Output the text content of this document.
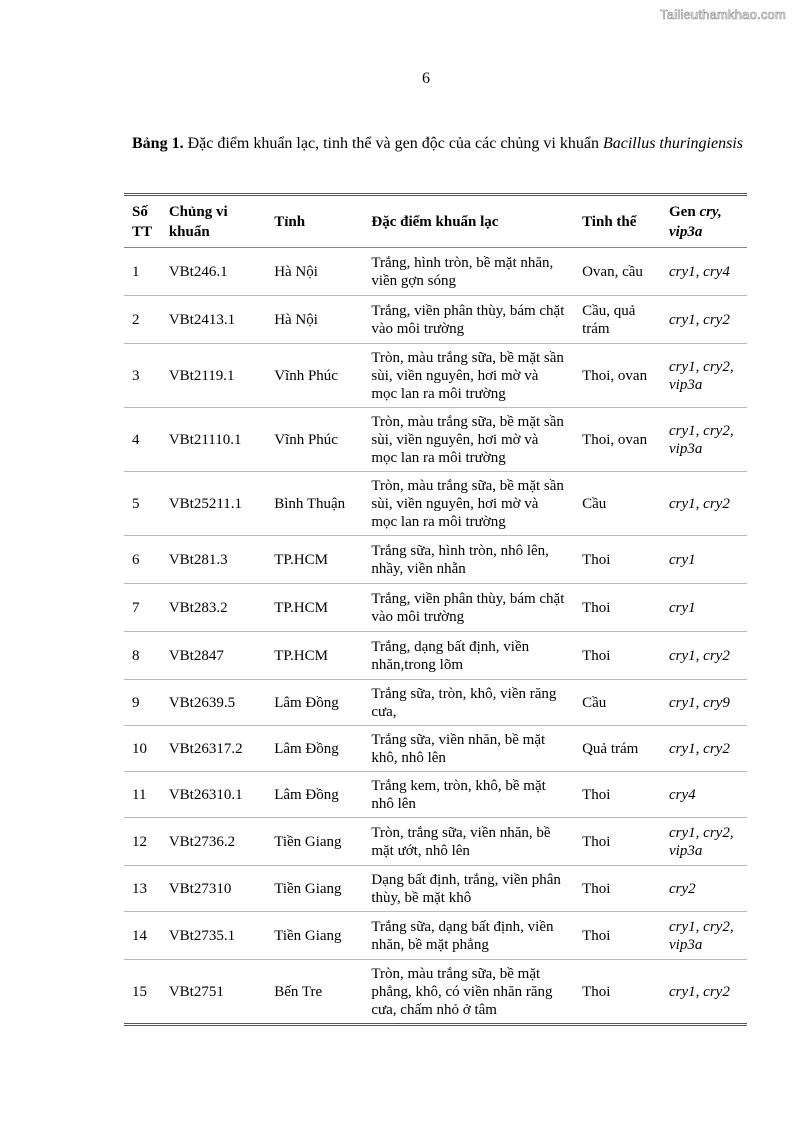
Tailieuthamkhao.com
6
Bảng 1. Đặc điểm khuẩn lạc, tinh thể và gen độc của các chủng vi khuẩn Bacillus thuringiensis
Số TT	Chủng vi khuẩn	Tỉnh	Đặc điểm khuẩn lạc	Tinh thể	Gen cry, vip3a
1	VBt246.1	Hà Nội	Trắng, hình tròn, bề mặt nhăn, viền gợn sóng	Ovan, cầu	cry1, cry4
2	VBt2413.1	Hà Nội	Trắng, viền phân thùy, bám chặt vào môi trường	Cầu, quả trám	cry1, cry2
3	VBt2119.1	Vĩnh Phúc	Tròn, màu trắng sữa, bề mặt sần sùi, viền nguyên, hơi mờ và mọc lan ra môi trường	Thoi, ovan	cry1, cry2, vip3a
4	VBt21110.1	Vĩnh Phúc	Tròn, màu trắng sữa, bề mặt sần sùi, viền nguyên, hơi mờ và mọc lan ra môi trường	Thoi, ovan	cry1, cry2, vip3a
5	VBt25211.1	Bình Thuận	Tròn, màu trắng sữa, bề mặt sần sùi, viền nguyên, hơi mờ và mọc lan ra môi trường	Cầu	cry1, cry2
6	VBt281.3	TP.HCM	Trắng sữa, hình tròn, nhô lên, nhầy, viền nhẵn	Thoi	cry1
7	VBt283.2	TP.HCM	Trắng, viền phân thùy, bám chặt vào môi trường	Thoi	cry1
8	VBt2847	TP.HCM	Trắng, dạng bất định, viền nhăn,trong lõm	Thoi	cry1, cry2
9	VBt2639.5	Lâm Đồng	Trắng sữa, tròn, khô, viền răng cưa,	Cầu	cry1, cry9
10	VBt26317.2	Lâm Đồng	Trắng sữa, viền nhăn, bề mặt khô, nhô lên	Quả trám	cry1, cry2
11	VBt26310.1	Lâm Đồng	Trắng kem, tròn, khô, bề mặt nhô lên	Thoi	cry4
12	VBt2736.2	Tiền Giang	Tròn, trắng sữa, viền nhăn, bề mặt ướt, nhô lên	Thoi	cry1, cry2, vip3a
13	VBt27310	Tiền Giang	Dạng bất định, trắng, viền phân thùy, bề mặt khô	Thoi	cry2
14	VBt2735.1	Tiền Giang	Trắng sữa, dạng bất định, viền nhăn, bề mặt phẳng	Thoi	cry1, cry2, vip3a
15	VBt2751	Bến Tre	Tròn, màu trắng sữa, bề mặt phẳng, khô, có viền nhăn răng cưa, chấm nhỏ ở tâm	Thoi	cry1, cry2
